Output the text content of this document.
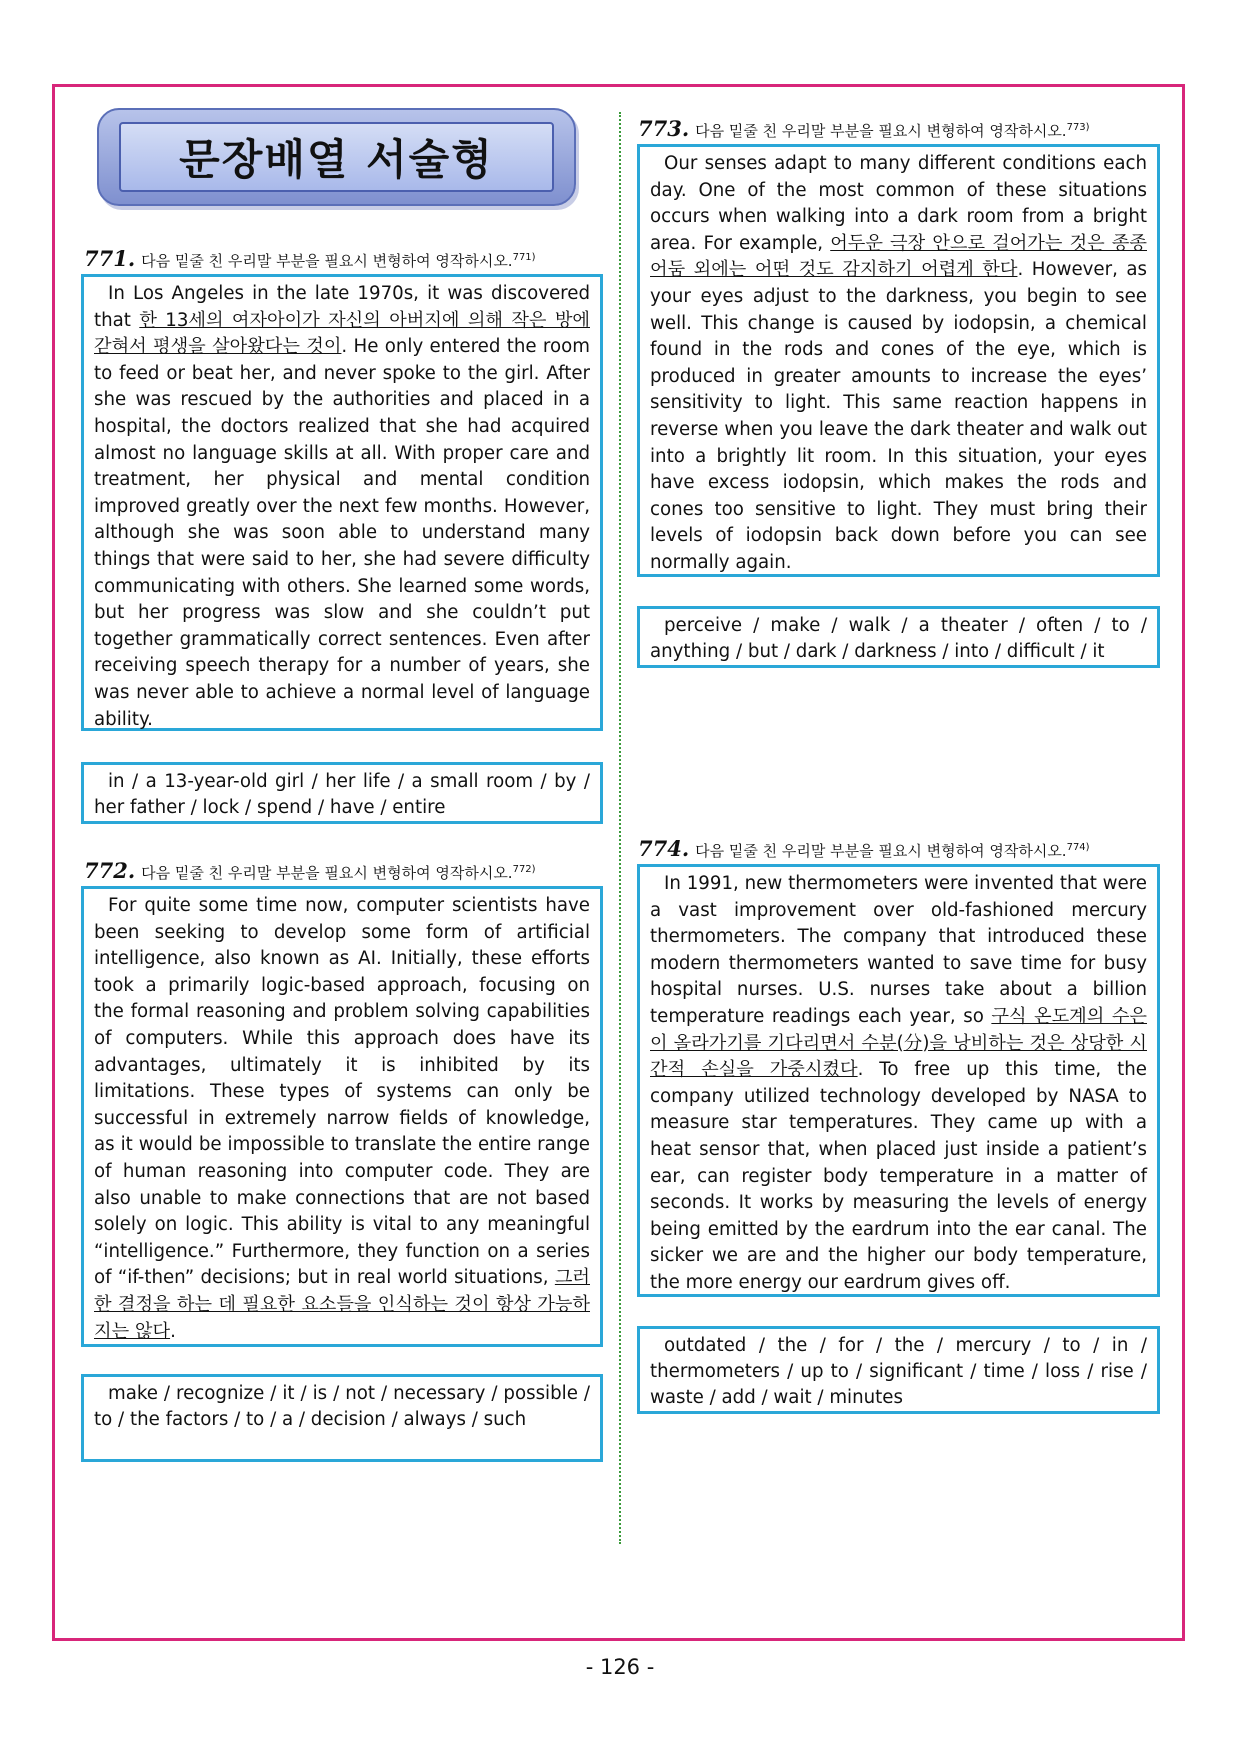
문장배열 서술형
771. 다음 밑줄 친 우리말 부분을 필요시 변형하여 영작하시오.$^{771)}$

In Los Angeles in the late 1970s, it was discovered that 한 13세의 여자아이가 자신의 아버지에 의해 작은 방에 갇혀서 평생을 살아왔다는 것이. He only entered the room to feed or beat her, and never spoke to the girl. After she was rescued by the authorities and placed in a hospital, the doctors realized that she had acquired almost no language skills at all. With proper care and treatment, her physical and mental condition improved greatly over the next few months. However, although she was soon able to understand many things that were said to her, she had severe difficulty communicating with others. She learned some words, but her progress was slow and she couldn’t put together grammatically correct sentences. Even after receiving speech therapy for a number of years, she was never able to achieve a normal level of language ability.

in / a 13-year-old girl / her life / a small room / by / her father / lock / spend / have / entire

772. 다음 밑줄 친 우리말 부분을 필요시 변형하여 영작하시오.$^{772)}$

For quite some time now, computer scientists have been seeking to develop some form of artificial intelligence, also known as AI. Initially, these efforts took a primarily logic-based approach, focusing on the formal reasoning and problem solving capabilities of computers. While this approach does have its advantages, ultimately it is inhibited by its limitations. These types of systems can only be successful in extremely narrow fields of knowledge, as it would be impossible to translate the entire range of human reasoning into computer code. They are also unable to make connections that are not based solely on logic. This ability is vital to any meaningful “intelligence.” Furthermore, they function on a series of “if-then” decisions; but in real world situations, 그러한 결정을 하는 데 필요한 요소들을 인식하는 것이 항상 가능하지는 않다.

make / recognize / it / is / not / necessary / possible / to / the factors / to / a / decision / always / such

773. 다음 밑줄 친 우리말 부분을 필요시 변형하여 영작하시오.$^{773)}$

Our senses adapt to many different conditions each day. One of the most common of these situations occurs when walking into a dark room from a bright area. For example, 어두운 극장 안으로 걸어가는 것은 종종 어둠 외에는 어떤 것도 감지하기 어렵게 한다. However, as your eyes adjust to the darkness, you begin to see well. This change is caused by iodopsin, a chemical found in the rods and cones of the eye, which is produced in greater amounts to increase the eyes’ sensitivity to light. This same reaction happens in reverse when you leave the dark theater and walk out into a brightly lit room. In this situation, your eyes have excess iodopsin, which makes the rods and cones too sensitive to light. They must bring their levels of iodopsin back down before you can see normally again.

perceive / make / walk / a theater / often / to / anything / but / dark / darkness / into / difficult / it

774. 다음 밑줄 친 우리말 부분을 필요시 변형하여 영작하시오.$^{774)}$

In 1991, new thermometers were invented that were a vast improvement over old-fashioned mercury thermometers. The company that introduced these modern thermometers wanted to save time for busy hospital nurses. U.S. nurses take about a billion temperature readings each year, so 구식 온도계의 수은이 올라가기를 기다리면서 수분(分)을 낭비하는 것은 상당한 시간적 손실을 가중시켰다. To free up this time, the company utilized technology developed by NASA to measure star temperatures. They came up with a heat sensor that, when placed just inside a patient’s ear, can register body temperature in a matter of seconds. It works by measuring the levels of energy being emitted by the eardrum into the ear canal. The sicker we are and the higher our body temperature, the more energy our eardrum gives off.

outdated / the / for / the / mercury / to / in / thermometers / up to / significant / time / loss / rise / waste / add / wait / minutes

- 126 -
